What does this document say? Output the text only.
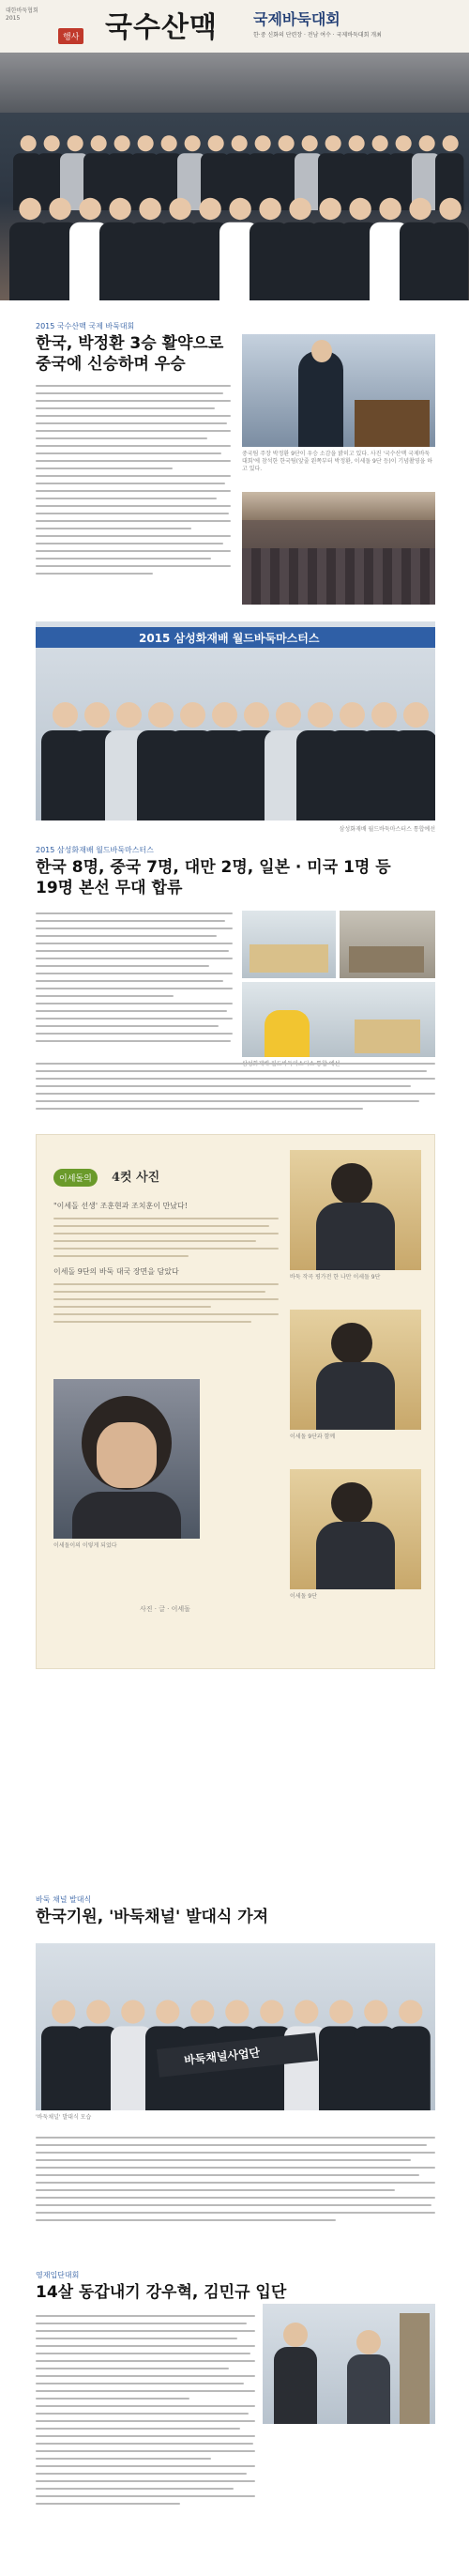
대한바둑협회
2015
행사 국수산맥 국제바둑대회
한·중 신화의 단련장 · 전남 여수 · 국제바둑대회 개최
2015 국수산맥 국제 바둑대회
한국, 박정환 3승 활약으로
중국에 신승하며 우승
중국팀 주장 박정환 9단이 우승 소감을 밝히고 있다. 사진 '국수산맥 국제바둑대회'에 참석한 한국팀(앞줄 왼쪽부터 박정환, 이세돌 9단 등)이 기념촬영을 하고 있다.
2015 삼성화재배 월드바둑마스터스
삼성화재배 월드바둑마스터스 통합예선
2015 삼성화재배 월드바둑마스터스
한국 8명, 중국 7명, 대만 2명, 일본 · 미국 1명 등
19명 본선 무대 합류
이세돌의	4컷 사진
"이세돌 선생' 조훈현과 조치훈이 만났다!
이세돌 9단의 바둑 대국 장면을 담았다
이세돌이의 이렇게 되었다
사진 · 글 · 이세돌
바둑 작곡 평가전 한 나만 이세돌 9단
이세돌 9단과 함께
이세돌 9단
바둑 채널 발대식
한국기원, '바둑채널' 발대식 가져
바둑채널사업단
'바둑채널' 발대식 모습
영재입단대회
14살 동갑내기 강우혁, 김민규 입단
